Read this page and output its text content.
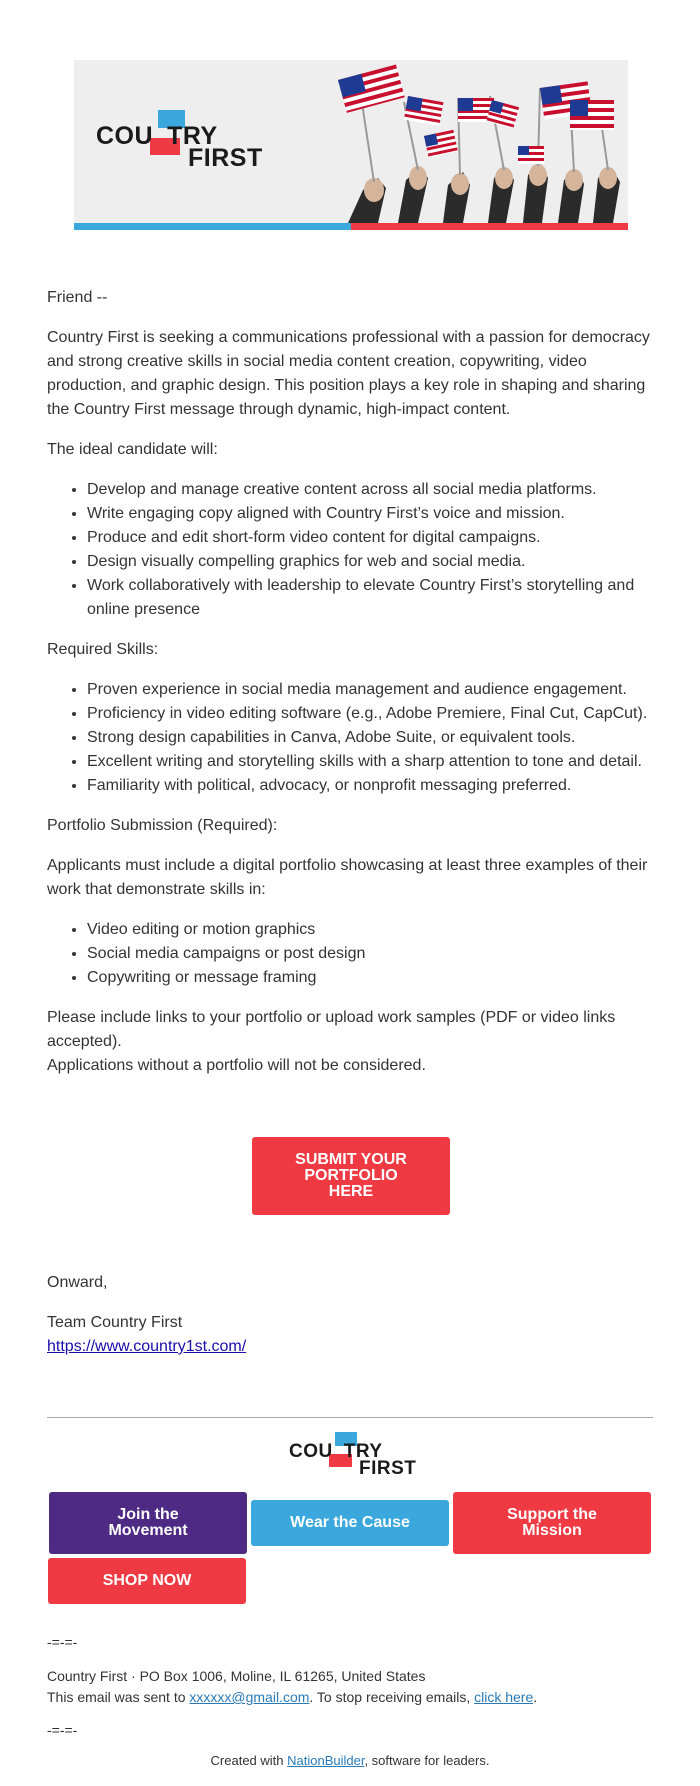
COU TRY
FIRST

Friend --

Country First is seeking a communications professional with a passion for democracy and strong creative skills in social media content creation, copywriting, video production, and graphic design. This position plays a key role in shaping and sharing the Country First message through dynamic, high-impact content.

The ideal candidate will:

• Develop and manage creative content across all social media platforms.
• Write engaging copy aligned with Country First’s voice and mission.
• Produce and edit short-form video content for digital campaigns.
• Design visually compelling graphics for web and social media.
• Work collaboratively with leadership to elevate Country First’s storytelling and online presence

Required Skills:

• Proven experience in social media management and audience engagement.
• Proficiency in video editing software (e.g., Adobe Premiere, Final Cut, CapCut).
• Strong design capabilities in Canva, Adobe Suite, or equivalent tools.
• Excellent writing and storytelling skills with a sharp attention to tone and detail.
• Familiarity with political, advocacy, or nonprofit messaging preferred.

Portfolio Submission (Required):

Applicants must include a digital portfolio showcasing at least three examples of their work that demonstrate skills in:

• Video editing or motion graphics
• Social media campaigns or post design
• Copywriting or message framing

Please include links to your portfolio or upload work samples (PDF or video links accepted).

Applications without a portfolio will not be considered.

SUBMIT YOUR PORTFOLIO HERE

Onward,

Team Country First

https://www.country1st.com/

COU TRY
FIRST
Join the Movement	Wear the Cause	Support the Mission
SHOP NOW
-=-=-
Country First · PO Box 1006, Moline, IL 61265, United States
This email was sent to xxxxxx@gmail.com. To stop receiving emails, click here.
-=-=-
Created with NationBuilder, software for leaders.
